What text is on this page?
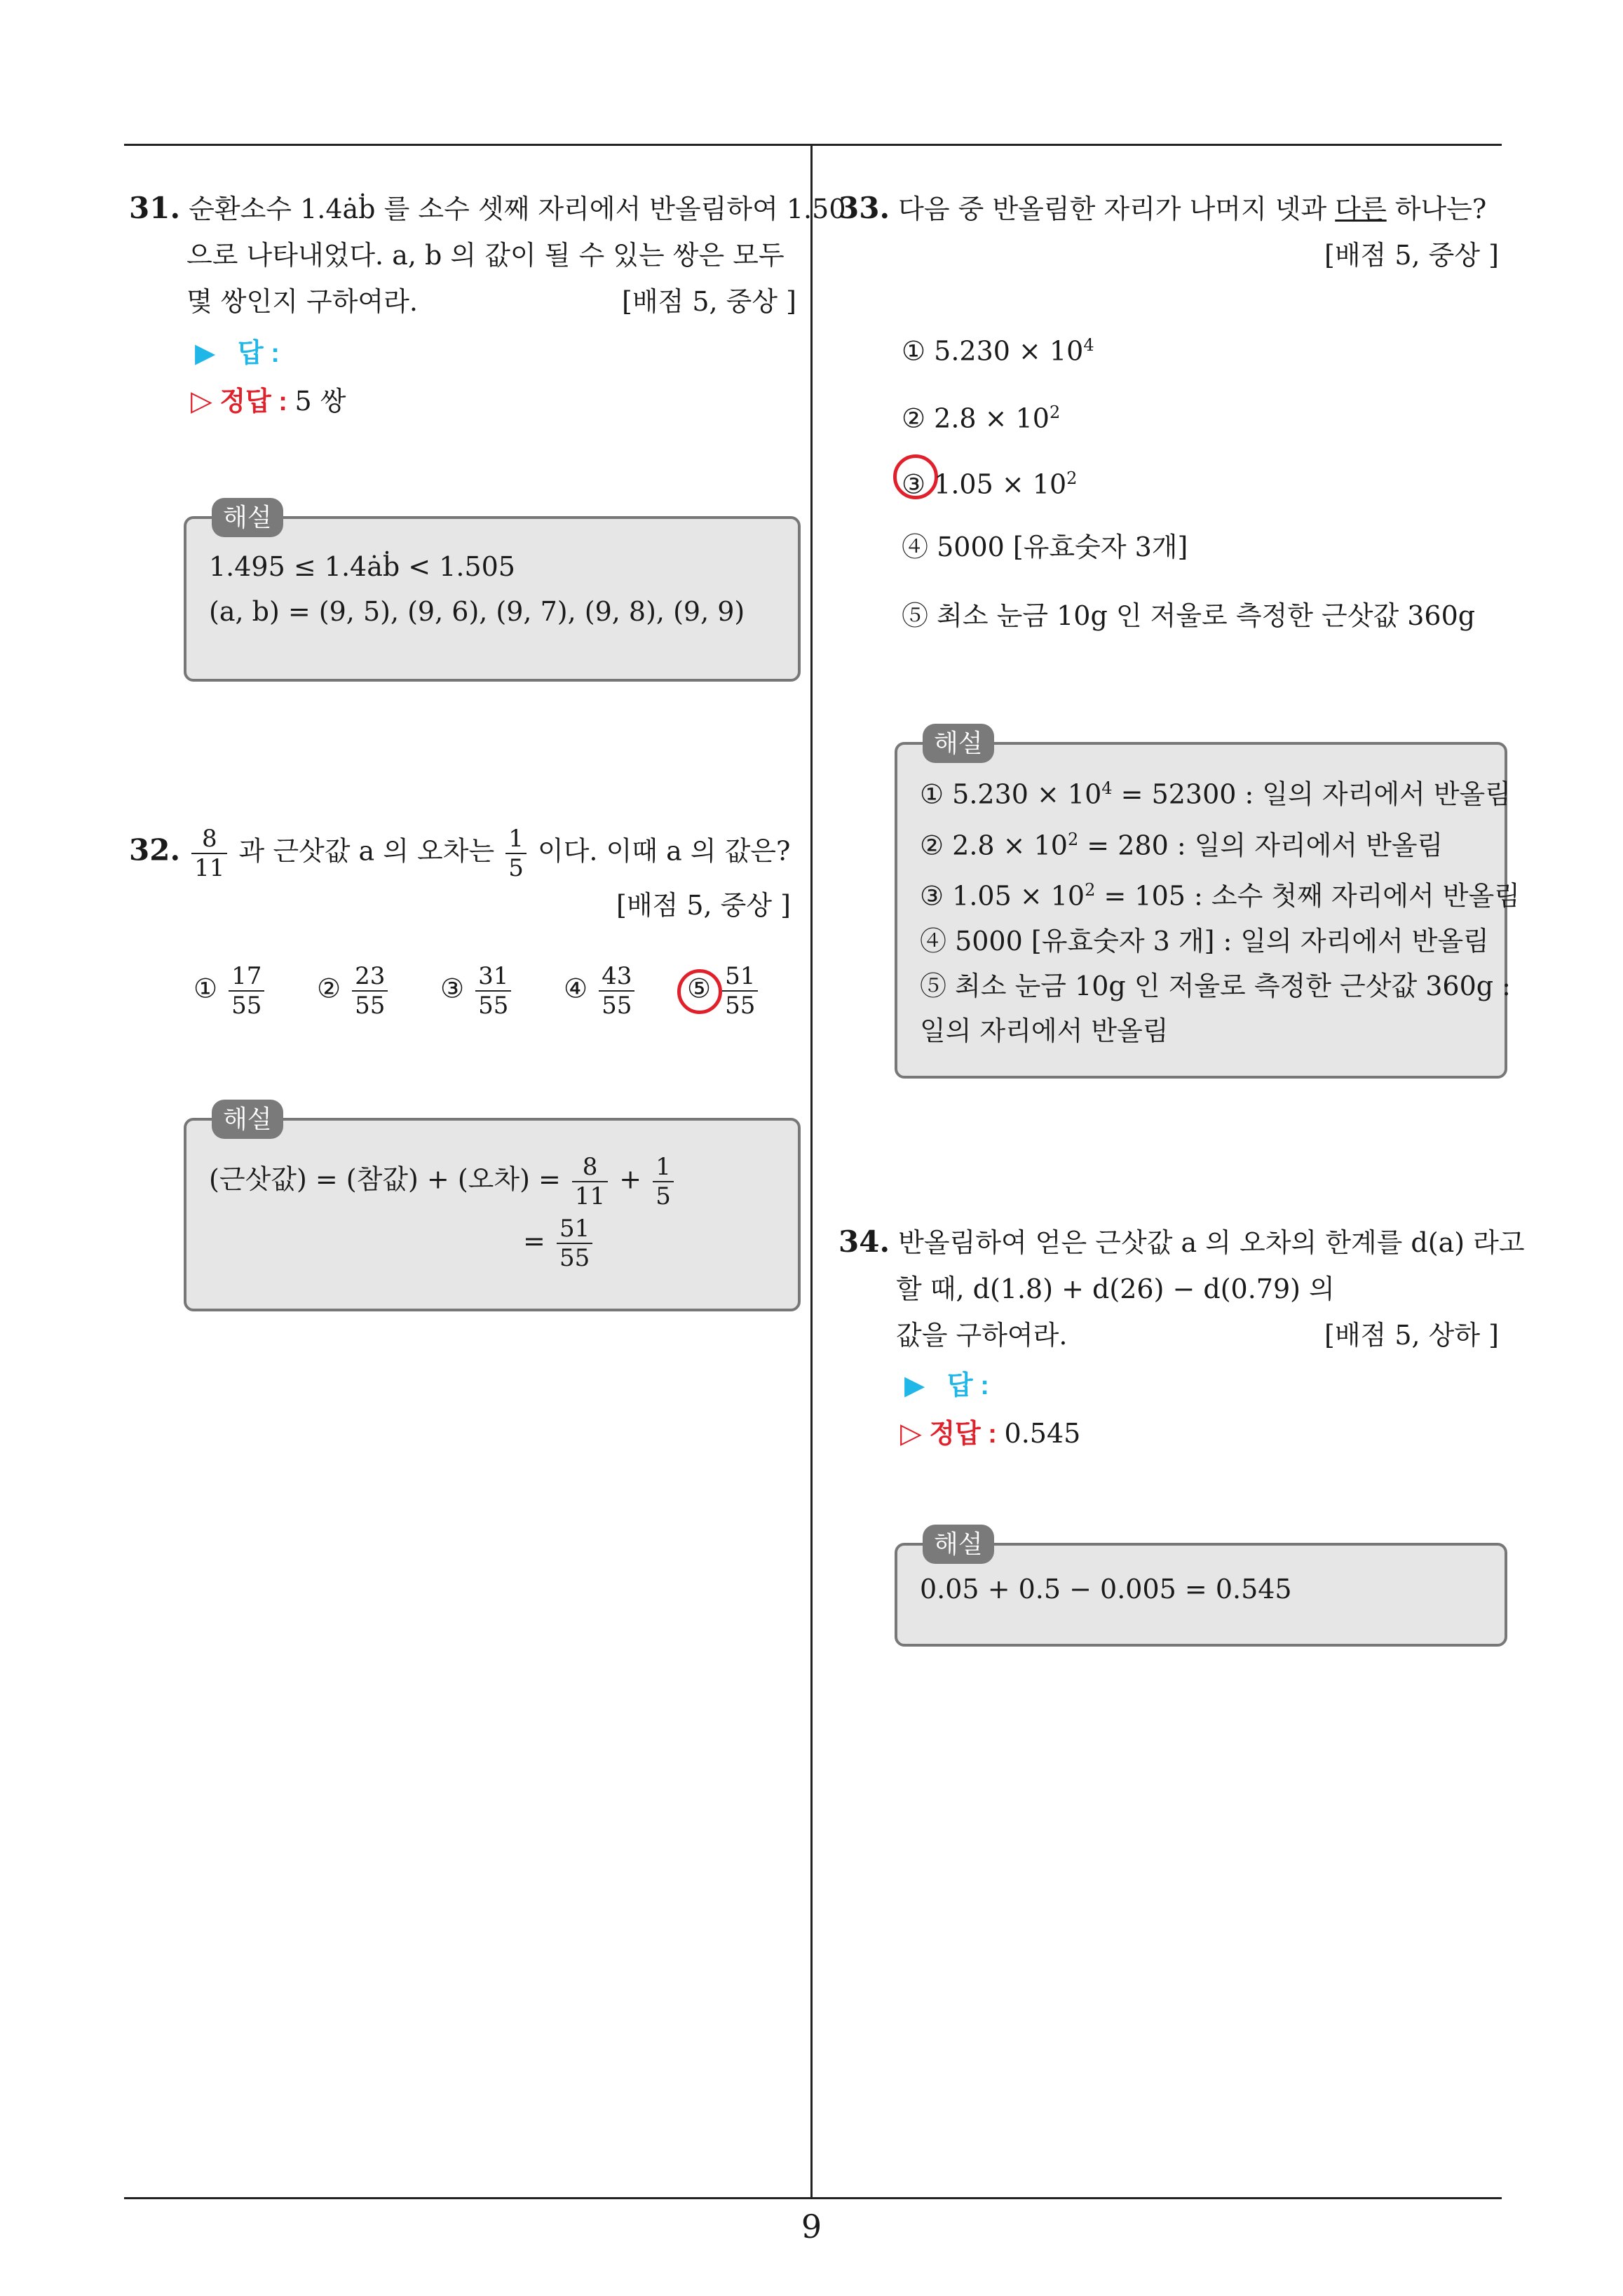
31. 순환소수 1.4ȧḃ 를 소수 셋째 자리에서 반올림하여 1.50
으로 나타내었다. a, b 의 값이 될 수 있는 쌍은 모두
몇 쌍인지 구하여라.	[배점 5, 중상 ]
▶ 답 :
▷ 정답 : 5 쌍
해설
1.495 ≤ 1.4ȧḃ < 1.505
(a, b) = (9, 5), (9, 6), (9, 7), (9, 8), (9, 9)
32. $\frac{8}{11}$ 과 근삿값 a 의 오차는 $\frac{1}{5}$ 이다. 이때 a 의 값은?
[배점 5, 중상 ]
① $\frac{17}{55}$ ② $\frac{23}{55}$ ③ $\frac{31}{55}$ ④ $\frac{43}{55}$ ⑤ $\frac{51}{55}$
해설
(근삿값) = (참값) + (오차) = $\frac{8}{11} + \frac{1}{5}$
= $\frac{51}{55}$
33. 다음 중 반올림한 자리가 나머지 넷과 다른 하나는?
[배점 5, 중상 ]
① $5.230 \times 10^4$
② $2.8 \times 10^2$
③ $1.05 \times 10^2$
④ 5000 [유효숫자 3개]
⑤ 최소 눈금 10g 인 저울로 측정한 근삿값 360g
해설
① $5.230 \times 10^4 = 52300$ : 일의 자리에서 반올림
② $2.8 \times 10^2 = 280$ : 일의 자리에서 반올림
③ $1.05 \times 10^2 = 105$ : 소수 첫째 자리에서 반올림
④ 5000 [유효숫자 3 개] : 일의 자리에서 반올림
⑤ 최소 눈금 10g 인 저울로 측정한 근삿값 360g :
일의 자리에서 반올림
34. 반올림하여 얻은 근삿값 a 의 오차의 한계를 d(a) 라고
할 때, d(1.8) + d(26) − d(0.79) 의
값을 구하여라.	[배점 5, 상하 ]
▶ 답 :
▷ 정답 : 0.545
해설
0.05 + 0.5 − 0.005 = 0.545
9
